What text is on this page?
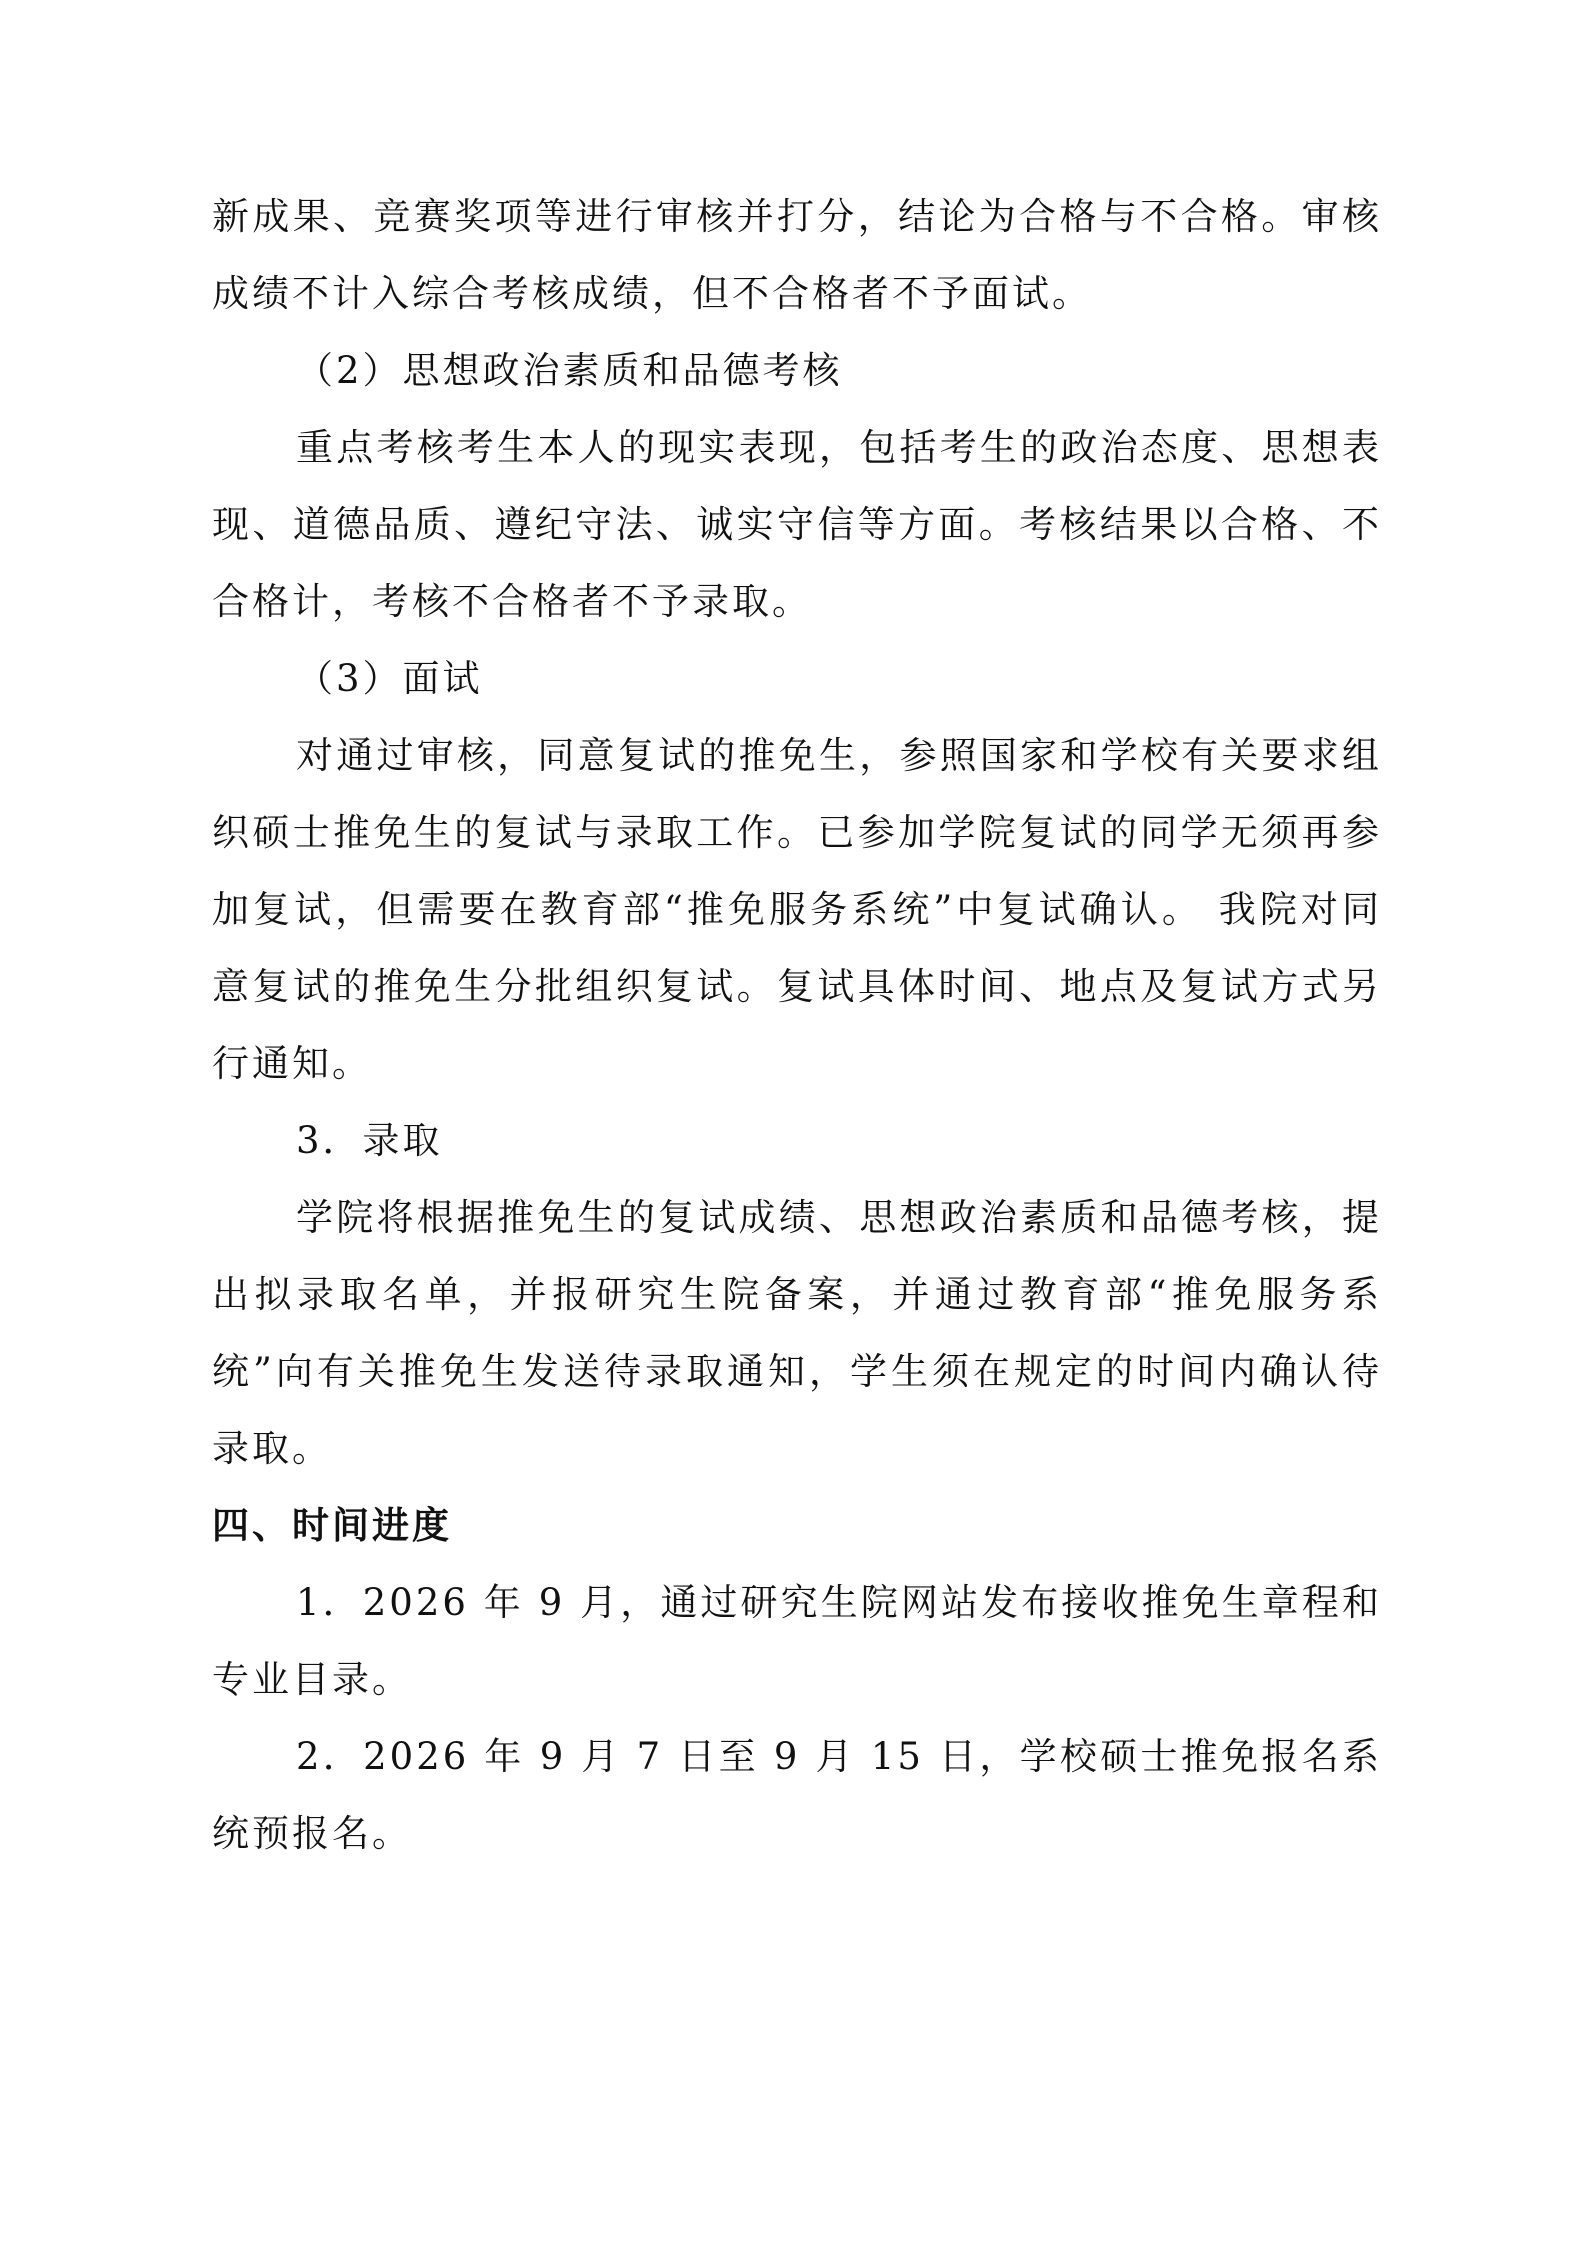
新成果、竞赛奖项等进行审核并打分，结论为合格与不合格。审核成绩不计入综合考核成绩，但不合格者不予面试。

（2）思想政治素质和品德考核

重点考核考生本人的现实表现，包括考生的政治态度、思想表现、道德品质、遵纪守法、诚实守信等方面。考核结果以合格、不合格计，考核不合格者不予录取。

（3）面试

对通过审核，同意复试的推免生，参照国家和学校有关要求组织硕士推免生的复试与录取工作。已参加学院复试的同学无须再参加复试，但需要在教育部“推免服务系统”中复试确认。 我院对同意复试的推免生分批组织复试。复试具体时间、地点及复试方式另行通知。

3．录取

学院将根据推免生的复试成绩、思想政治素质和品德考核，提出拟录取名单，并报研究生院备案，并通过教育部“推免服务系统”向有关推免生发送待录取通知，学生须在规定的时间内确认待录取。

四、时间进度

1．2026 年 9 月，通过研究生院网站发布接收推免生章程和专业目录。

2．2026 年 9 月 7 日至 9 月 15 日，学校硕士推免报名系统预报名。
